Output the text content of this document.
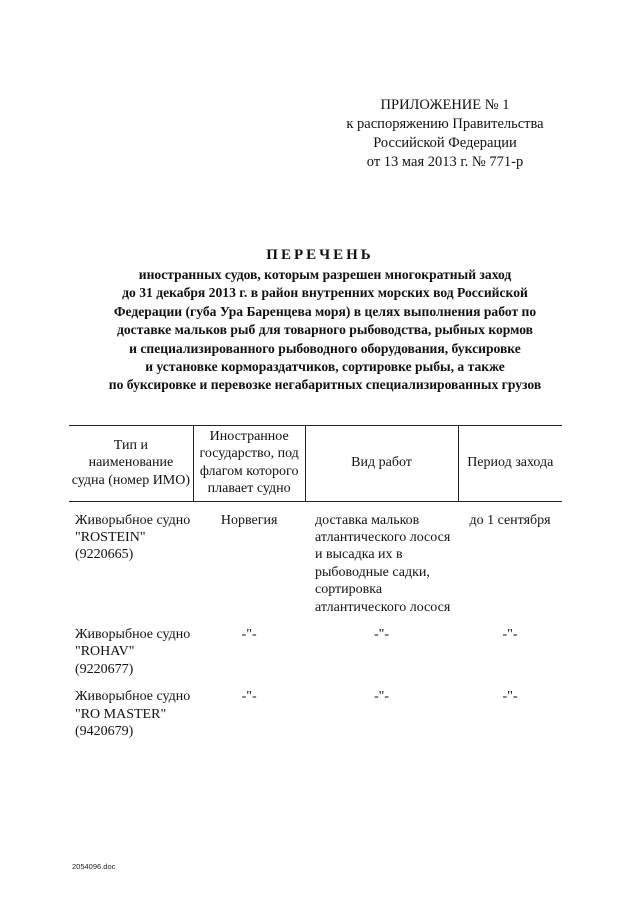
ПРИЛОЖЕНИЕ № 1
к распоряжению Правительства
Российской Федерации
от 13 мая 2013 г. № 771-р
ПЕРЕЧЕНЬ
иностранных судов, которым разрешен многократный заход
до 31 декабря 2013 г. в район внутренних морских вод Российской
Федерации (губа Ура Баренцева моря) в целях выполнения работ по
доставке мальков рыб для товарного рыбоводства, рыбных кормов
и специализированного рыбоводного оборудования, буксировке
и установке кормораздатчиков, сортировке рыбы, а также
по буксировке и перевозке негабаритных специализированных грузов
Тип и наименование судна (номер ИМО)	Иностранное государство, под флагом которого плавает судно	Вид работ	Период захода
Живорыбное судно "ROSTEIN" (9220665)	Норвегия	доставка мальков атлантического лосося и высадка их в рыбоводные садки, сортировка атлантического лосося	до 1 сентября
Живорыбное судно "ROHAV" (9220677)	-"-	-"-	-"-
Живорыбное судно "RO MASTER" (9420679)	-"-	-"-	-"-
2054096.doc
